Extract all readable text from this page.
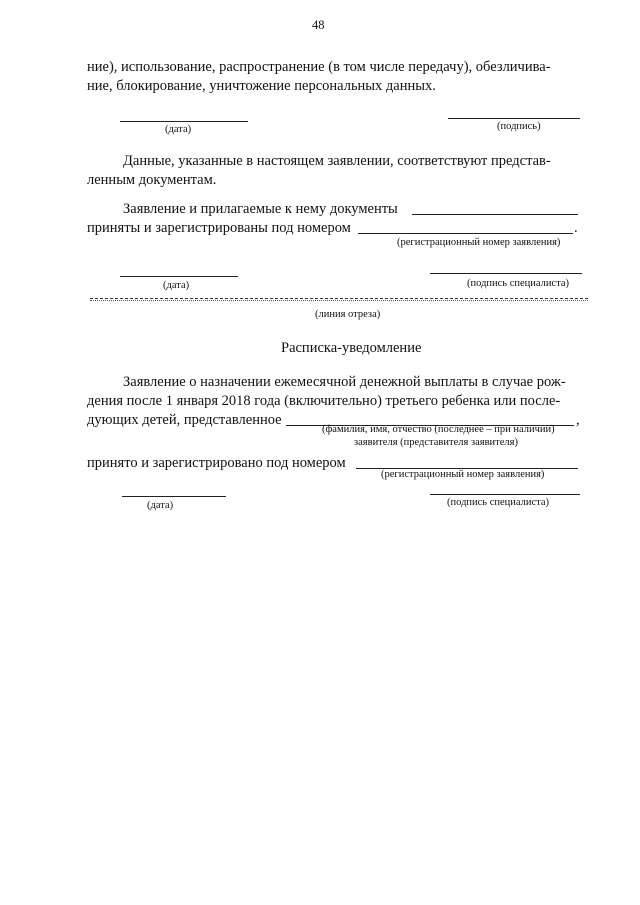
48
ние), использование, распространение (в том числе передачу), обезличива-
ние, блокирование, уничтожение персональных данных.
(дата)	(подпись)
Данные, указанные в настоящем заявлении, соответствуют представ-
ленным документам.
Заявление и прилагаемые к нему документы
приняты и зарегистрированы под номером	.
(регистрационный номер заявления)
(дата)	(подпись специалиста)
(линия отреза)
Расписка-уведомление
Заявление о назначении ежемесячной денежной выплаты в случае рож-
дения после 1 января 2018 года (включительно) третьего ребенка или после-
дующих детей, представленное	,
(фамилия, имя, отчество (последнее – при наличии)
заявителя (представителя заявителя)
принято и зарегистрировано под номером
(регистрационный номер заявления)
(дата)	(подпись специалиста)
